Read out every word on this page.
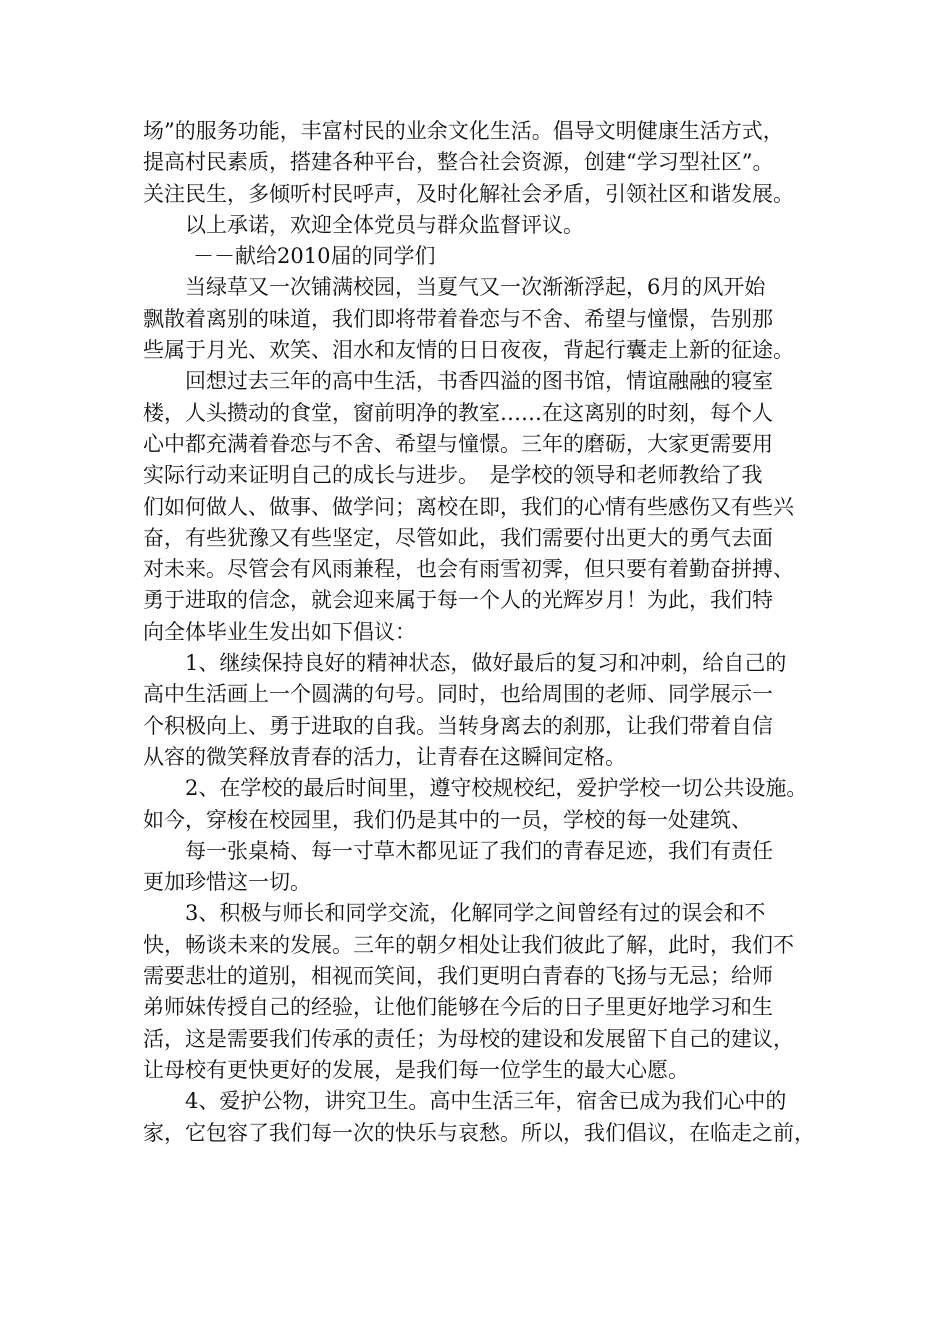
场”的服务功能，丰富村民的业余文化生活。倡导文明健康生活方式，
提高村民素质，搭建各种平台，整合社会资源，创建“学习型社区”。
关注民生，多倾听村民呼声，及时化解社会矛盾，引领社区和谐发展。
以上承诺，欢迎全体党员与群众监督评议。
－－献给2010届的同学们
当绿草又一次铺满校园，当夏气又一次渐渐浮起，6月的风开始
飘散着离别的味道，我们即将带着眷恋与不舍、希望与憧憬，告别那
些属于月光、欢笑、泪水和友情的日日夜夜，背起行囊走上新的征途。
回想过去三年的高中生活，书香四溢的图书馆，情谊融融的寝室
楼，人头攒动的食堂，窗前明净的教室……在这离别的时刻，每个人
心中都充满着眷恋与不舍、希望与憧憬。三年的磨砺，大家更需要用
实际行动来证明自己的成长与进步。　是学校的领导和老师教给了我
们如何做人、做事、做学问；离校在即，我们的心情有些感伤又有些兴
奋，有些犹豫又有些坚定，尽管如此，我们需要付出更大的勇气去面
对未来。尽管会有风雨兼程，也会有雨雪初霁，但只要有着勤奋拼搏、
勇于进取的信念，就会迎来属于每一个人的光辉岁月！为此，我们特
向全体毕业生发出如下倡议：
1、继续保持良好的精神状态，做好最后的复习和冲刺，给自己的
高中生活画上一个圆满的句号。同时，也给周围的老师、同学展示一
个积极向上、勇于进取的自我。当转身离去的刹那，让我们带着自信
从容的微笑释放青春的活力，让青春在这瞬间定格。
2、在学校的最后时间里，遵守校规校纪，爱护学校一切公共设施。
如今，穿梭在校园里，我们仍是其中的一员，学校的每一处建筑、
每一张桌椅、每一寸草木都见证了我们的青春足迹，我们有责任
更加珍惜这一切。
3、积极与师长和同学交流，化解同学之间曾经有过的误会和不
快，畅谈未来的发展。三年的朝夕相处让我们彼此了解，此时，我们不
需要悲壮的道别，相视而笑间，我们更明白青春的飞扬与无忌；给师
弟师妹传授自己的经验，让他们能够在今后的日子里更好地学习和生
活，这是需要我们传承的责任；为母校的建设和发展留下自己的建议，
让母校有更快更好的发展，是我们每一位学生的最大心愿。
4、爱护公物，讲究卫生。高中生活三年，宿舍已成为我们心中的
家，它包容了我们每一次的快乐与哀愁。所以，我们倡议，在临走之前，
